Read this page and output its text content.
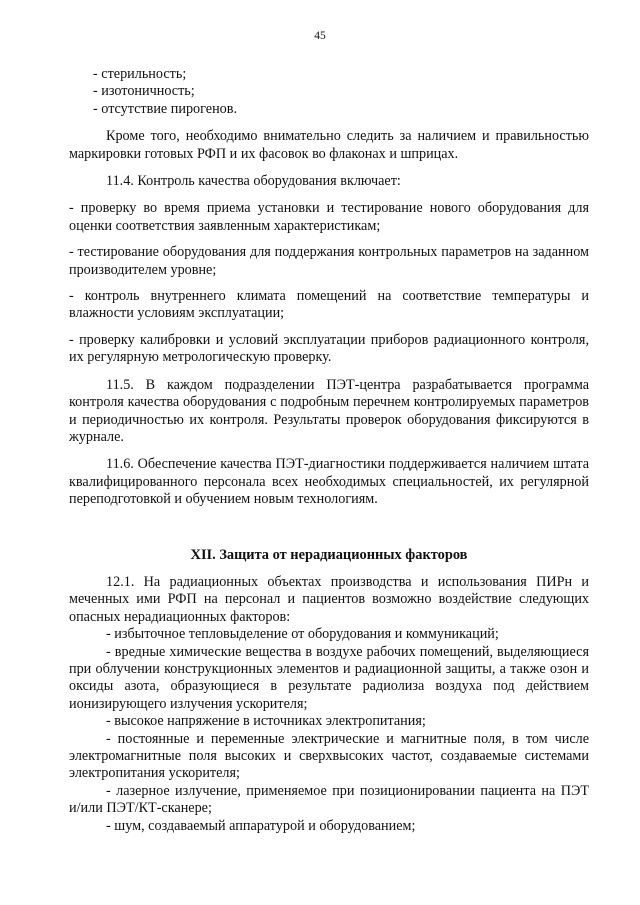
45

- стерильность;

- изотоничность;

- отсутствие пирогенов.

Кроме того, необходимо внимательно следить за наличием и правильностью маркировки готовых РФП и их фасовок во флаконах и шприцах.

11.4. Контроль качества оборудования включает:

- проверку во время приема установки и тестирование нового оборудования для оценки соответствия заявленным характеристикам;

- тестирование оборудования для поддержания контрольных параметров на заданном производителем уровне;

- контроль внутреннего климата помещений на соответствие температуры и влажности условиям эксплуатации;

- проверку калибровки и условий эксплуатации приборов радиационного контроля, их регулярную метрологическую проверку.

11.5. В каждом подразделении ПЭТ-центра разрабатывается программа контроля качества оборудования с подробным перечнем контролируемых параметров и периодичностью их контроля. Результаты проверок оборудования фиксируются в журнале.

11.6. Обеспечение качества ПЭТ-диагностики поддерживается наличием штата квалифицированного персонала всех необходимых специальностей, их регулярной переподготовкой и обучением новым технологиям.

XII. Защита от нерадиационных факторов

12.1. На радиационных объектах производства и использования ПИРн и меченных ими РФП на персонал и пациентов возможно воздействие следующих опасных нерадиационных факторов:

- избыточное тепловыделение от оборудования и коммуникаций;

- вредные химические вещества в воздухе рабочих помещений, выделяющиеся при облучении конструкционных элементов и радиационной защиты, а также озон и оксиды азота, образующиеся в результате радиолиза воздуха под действием ионизирующего излучения ускорителя;

- высокое напряжение в источниках электропитания;

- постоянные и переменные электрические и магнитные поля, в том числе электромагнитные поля высоких и сверхвысоких частот, создаваемые системами электропитания ускорителя;

- лазерное излучение, применяемое при позиционировании пациента на ПЭТ и/или ПЭТ/КТ-сканере;

- шум, создаваемый аппаратурой и оборудованием;
